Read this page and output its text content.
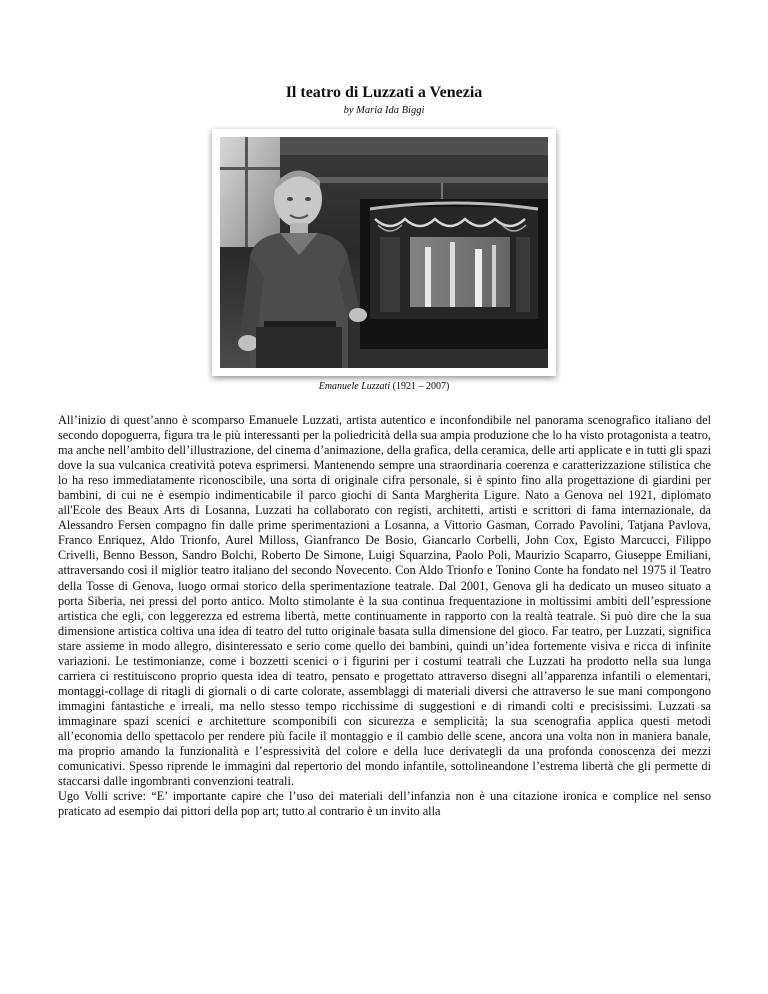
Il teatro di Luzzati a Venezia
by Maria Ida Biggi
Emanuele Luzzati (1921 – 2007)

All’inizio di quest’anno è scomparso Emanuele Luzzati, artista autentico e inconfondibile nel panorama scenografico italiano del secondo dopoguerra, figura tra le più interessanti per la poliedricità della sua ampia produzione che lo ha visto protagonista a teatro, ma anche nell’ambito dell’illustrazione, del cinema d’animazione, della grafica, della ceramica, delle arti applicate e in tutti gli spazi dove la sua vulcanica creatività poteva esprimersi. Mantenendo sempre una straordinaria coerenza e caratterizzazione stilistica che lo ha reso immediatamente riconoscibile, una sorta di originale cifra personale, si è spinto fino alla progettazione di giardini per bambini, di cui ne è esempio indimenticabile il parco giochi di Santa Margherita Ligure. Nato a Genova nel 1921, diplomato all'Ecole des Beaux Arts di Losanna, Luzzati ha collaborato con registi, architetti, artisti e scrittori di fama internazionale, da Alessandro Fersen compagno fin dalle prime sperimentazioni a Losanna, a Vittorio Gasman, Corrado Pavolini, Tatjana Pavlova, Franco Enriquez, Aldo Trionfo, Aurel Milloss, Gianfranco De Bosio, Giancarlo Corbelli, John Cox, Egisto Marcucci, Filippo Crivelli, Benno Besson, Sandro Bolchi, Roberto De Simone, Luigi Squarzina, Paolo Poli, Maurizio Scaparro, Giuseppe Emiliani, attraversando così il miglior teatro italiano del secondo Novecento. Con Aldo Trionfo e Tonino Conte ha fondato nel 1975 il Teatro della Tosse di Genova, luogo ormai storico della sperimentazione teatrale. Dal 2001, Genova gli ha dedicato un museo situato a porta Siberia, nei pressi del porto antico. Molto stimolante è la sua continua frequentazione in moltissimi ambiti dell’espressione artistica che egli, con leggerezza ed estrema libertà, mette continuamente in rapporto con la realtà teatrale. Si può dire che la sua dimensione artistica coltiva una idea di teatro del tutto originale basata sulla dimensione del gioco. Far teatro, per Luzzati, significa stare assieme in modo allegro, disinteressato e serio come quello dei bambini, quindi un’idea fortemente visiva e ricca di infinite variazioni. Le testimonianze, come i bozzetti scenici o i figurini per i costumi teatrali che Luzzati ha prodotto nella sua lunga carriera ci restituiscono proprio questa idea di teatro, pensato e progettato attraverso disegni all’apparenza infantili o elementari, montaggi-collage di ritagli di giornali o di carte colorate, assemblaggi di materiali diversi che attraverso le sue mani compongono immagini fantastiche e irreali, ma nello stesso tempo ricchissime di suggestioni e di rimandi colti e precisissimi. Luzzati sa immaginare spazi scenici e architetture scomponibili con sicurezza e semplicità; la sua scenografia applica questi metodi all’economia dello spettacolo per rendere più facile il montaggio e il cambio delle scene, ancora una volta non in maniera banale, ma proprio amando la funzionalità e l’espressività del colore e della luce derivategli da una profonda conoscenza dei mezzi comunicativi. Spesso riprende le immagini dal repertorio del mondo infantile, sottolineandone l’estrema libertà che gli permette di staccarsi dalle ingombranti convenzioni teatrali.

Ugo Volli scrive: “E’ importante capire che l’uso dei materiali dell’infanzia non è una citazione ironica e complice nel senso praticato ad esempio dai pittori della pop art; tutto al contrario è un invito alla
